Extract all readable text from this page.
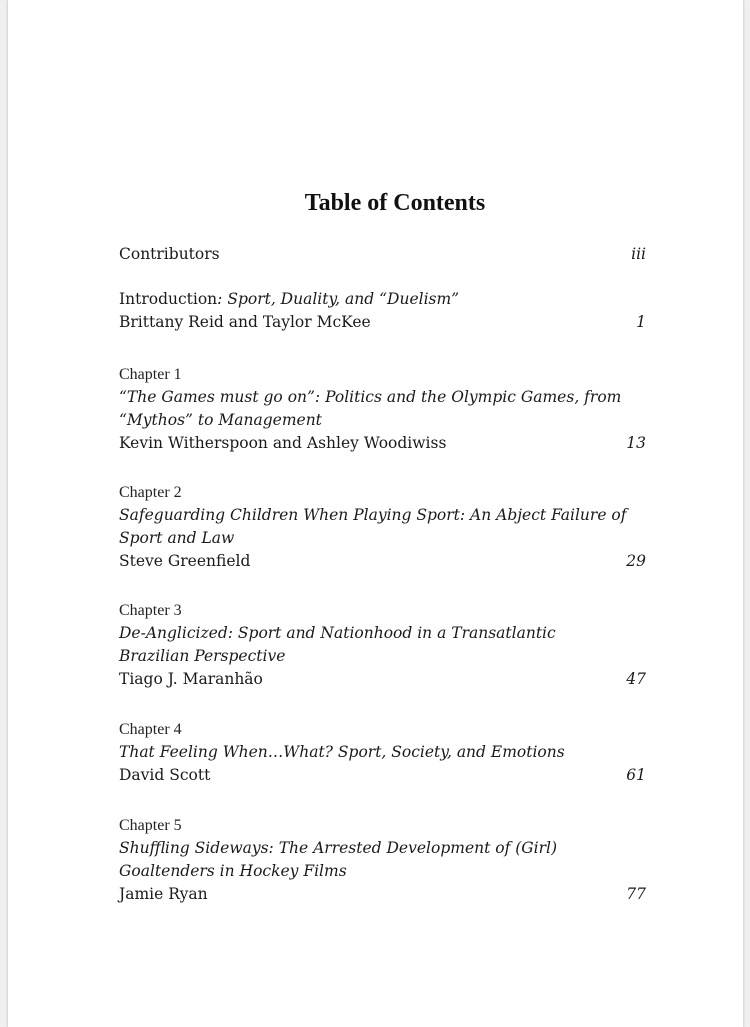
Table of Contents
Contributors	iii
Introduction: Sport, Duality, and “Duelism”
Brittany Reid and Taylor McKee	1
Chapter 1
“The Games must go on”: Politics and the Olympic Games, from “Mythos” to Management
Kevin Witherspoon and Ashley Woodiwiss	13
Chapter 2
Safeguarding Children When Playing Sport: An Abject Failure of Sport and Law
Steve Greenfield	29
Chapter 3
De-Anglicized: Sport and Nationhood in a Transatlantic Brazilian Perspective
Tiago J. Maranhão	47
Chapter 4
That Feeling When…What? Sport, Society, and Emotions
David Scott	61
Chapter 5
Shuffling Sideways: The Arrested Development of (Girl) Goaltenders in Hockey Films
Jamie Ryan	77
